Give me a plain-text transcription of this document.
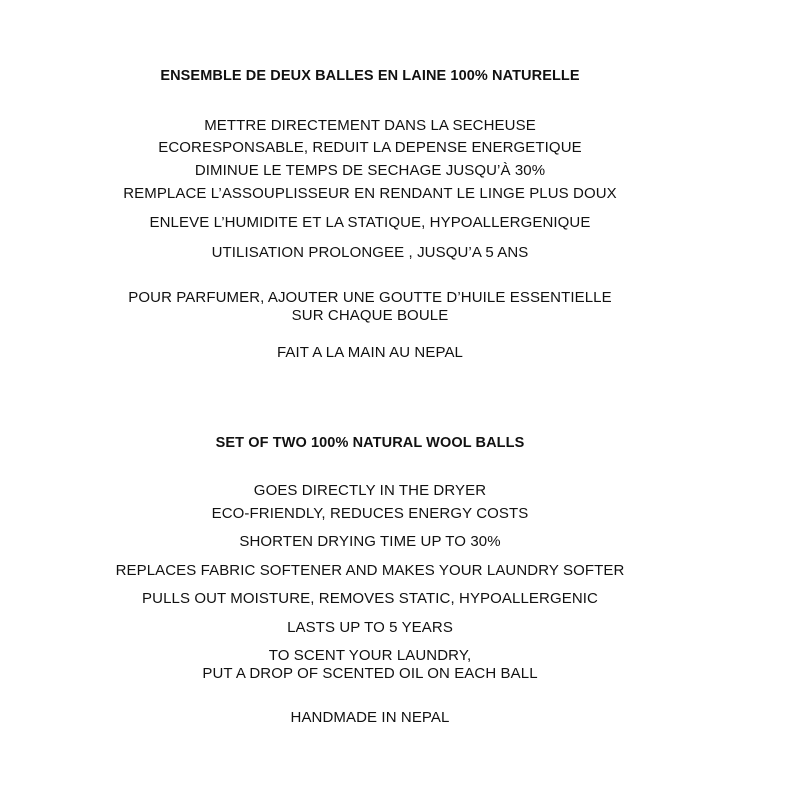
ENSEMBLE DE DEUX BALLES EN LAINE 100% NATURELLE
METTRE DIRECTEMENT DANS LA SECHEUSE
ECORESPONSABLE, REDUIT LA DEPENSE ENERGETIQUE
DIMINUE LE TEMPS DE SECHAGE JUSQU’À 30%
REMPLACE L’ASSOUPLISSEUR EN RENDANT LE LINGE PLUS DOUX
ENLEVE L’HUMIDITE ET LA STATIQUE, HYPOALLERGENIQUE
UTILISATION PROLONGEE , JUSQU’A 5 ANS
POUR PARFUMER, AJOUTER UNE GOUTTE D’HUILE ESSENTIELLE
SUR CHAQUE BOULE
FAIT A LA MAIN AU NEPAL
SET OF TWO 100% NATURAL WOOL BALLS
GOES DIRECTLY IN THE DRYER
ECO-FRIENDLY, REDUCES ENERGY COSTS
SHORTEN DRYING TIME UP TO 30%
REPLACES FABRIC SOFTENER AND MAKES YOUR LAUNDRY SOFTER
PULLS OUT MOISTURE, REMOVES STATIC, HYPOALLERGENIC
LASTS UP TO 5 YEARS
TO SCENT YOUR LAUNDRY,
PUT A DROP OF SCENTED OIL ON EACH BALL
HANDMADE IN NEPAL
